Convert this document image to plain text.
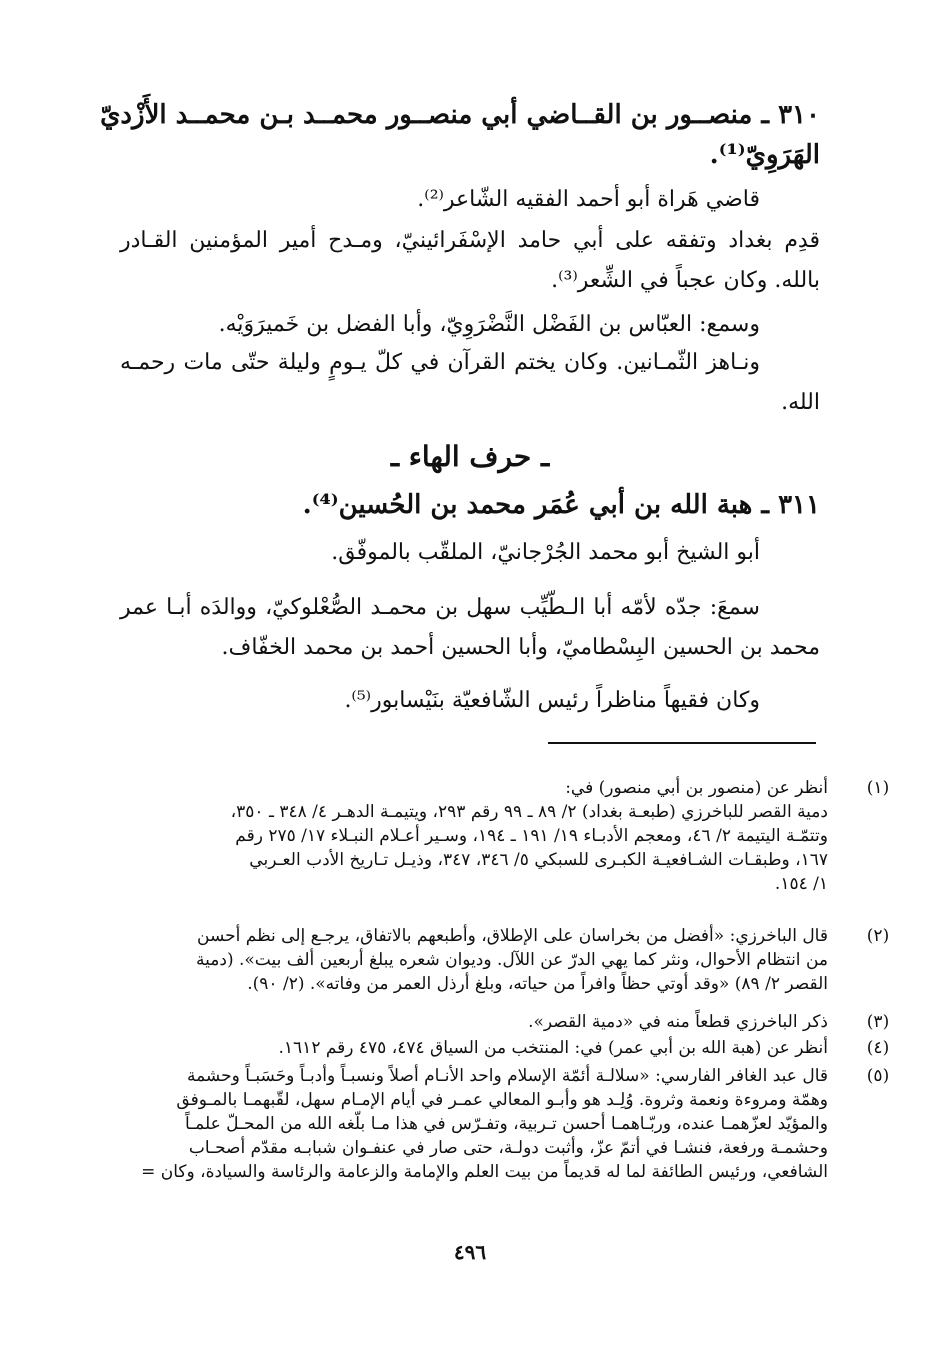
٣١٠ ـ منصــور بن القــاضي أبي منصــور محمــد بـن محمــد الأَزْديّ
الهَرَوِيّ⁽¹⁾.
قاضي هَراة أبو أحمد الفقيه الشّاعر⁽²⁾.
قدِم بغداد وتفقه على أبي حامد الإسْفَرائينيّ، ومـدح أمير المؤمنين القـادر
بالله. وكان عجباً في الشِّعر⁽³⁾.
وسمع: العبّاس بن الفَضْل النَّضْرَوِيّ، وأبا الفضل بن خَميرَوَيْه.
ونـاهز الثّمـانين. وكان يختم القرآن في كلّ يـومٍ وليلة حتّى مات رحمـه
الله.
ـ حرف الهاء ـ
٣١١ ـ هبة الله بن أبي عُمَر محمد بن الحُسين⁽⁴⁾.
أبو الشيخ أبو محمد الجُرْجانيّ، الملقّب بالموفّق.
سمعَ: جدّه لأمّه أبا الـطّيِّب سهل بن محمـد الصُّعْلوكيّ، ووالدَه أبـا عمر
محمد بن الحسين البِسْطاميّ، وأبا الحسين أحمد بن محمد الخفّاف.
وكان فقيهاً مناظراً رئيس الشّافعيّة بنَيْسابور⁽⁵⁾.
(١)
أنظر عن (منصور بن أبي منصور) في:
دمية القصر للباخرزي (طبعـة بغداد) ٢/ ٨٩ ـ ٩٩ رقم ٢٩٣، ويتيمـة الدهـر ٤/ ٣٤٨ ـ ٣٥٠،
وتتمّـة اليتيمة ٢/ ٤٦، ومعجم الأدبـاء ١٩/ ١٩١ ـ ١٩٤، وسـير أعـلام النبـلاء ١٧/ ٢٧٥ رقم
١٦٧، وطبقـات الشـافعيـة الكبـرى للسبكي ٥/ ٣٤٦، ٣٤٧، وذيـل تـاريخ الأدب العـربي
١/ ١٥٤.
(٢)
قال الباخرزي: «أفضل من بخراسان على الإطلاق، وأطبعهم بالاتفاق، يرجـع إلى نظم أحسن
من انتظام الأحوال، ونثر كما يهي الدرّ عن اللآل. وديوان شعره يبلغ أربعين ألف بيت». (دمية
القصر ٢/ ٨٩) «وقد أوتي حظاً وافراً من حياته، وبلغ أرذل العمر من وفاته». (٢/ ٩٠).
(٣)
ذكر الباخرزي قطعاً منه في «دمية القصر».
(٤)
أنظر عن (هبة الله بن أبي عمر) في: المنتخب من السياق ٤٧٤، ٤٧٥ رقم ١٦١٢.
(٥)
قال عبد الغافر الفارسي: «سلالـة أئمّة الإسلام واحد الأنـام أصلاً ونسبـاً وأدبـاً وحَسَبـاً وحشمة
وهمّة ومروءة ونعمة وثروة. وُلِـد هو وأبـو المعالي عمـر في أيام الإمـام سهل، لقّبهمـا بالمـوفق
والمؤيّد لعزّهمـا عنده، وربّـاهمـا أحسن تـربية، وتفـرّس في هذا مـا بلّغه الله من المحـلّ علمـاً
وحشمـة ورفعة، فنشـا في أتمّ عزّ، وأثبت دولـة، حتى صار في عنفـوان شبابـه مقدّم أصحـاب
الشافعي، ورئيس الطائفة لما له قديماً من بيت العلم والإمامة والزعامة والرئاسة والسيادة، وكان =
٤٩٦
